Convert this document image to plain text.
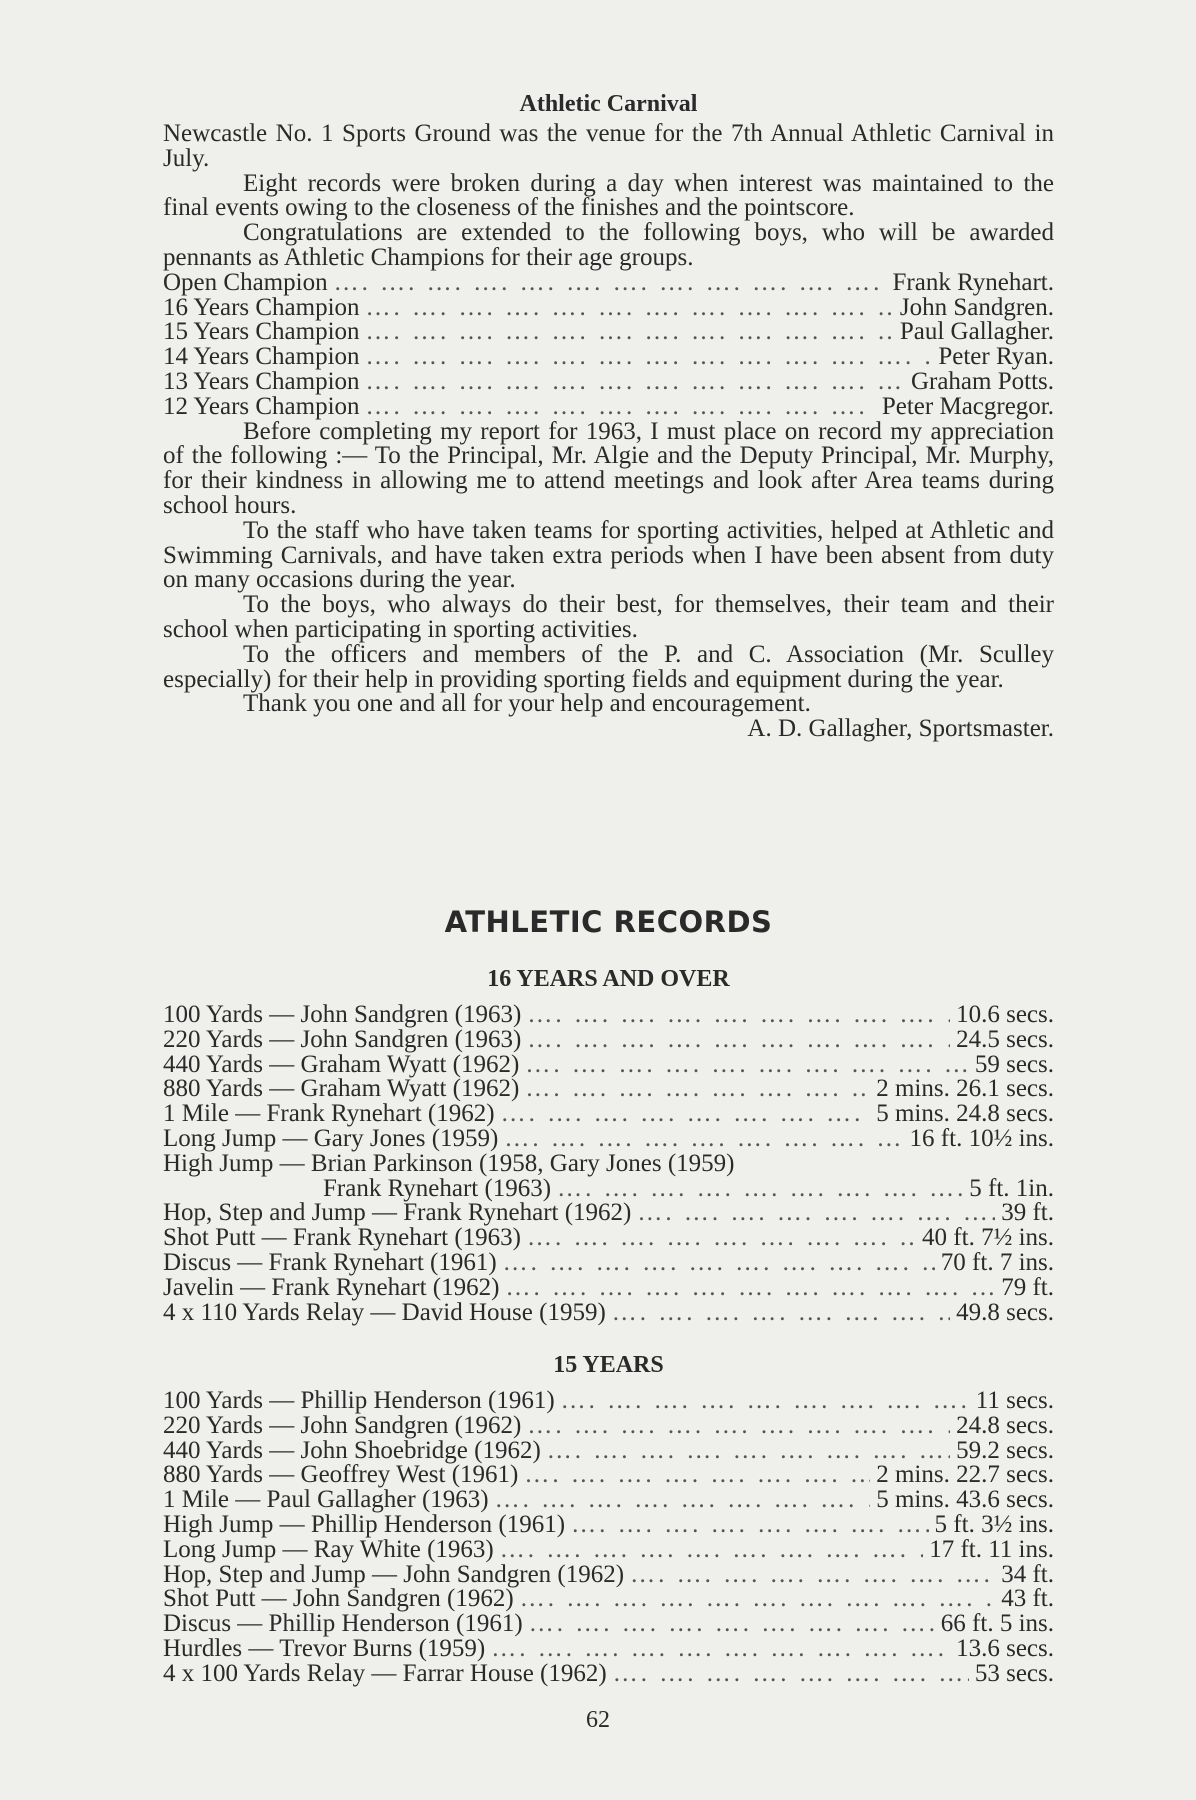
Athletic Carnival

Newcastle No. 1 Sports Ground was the venue for the 7th Annual Athletic Carnival in July.

Eight records were broken during a day when interest was maintained to the final events owing to the closeness of the finishes and the pointscore.

Congratulations are extended to the following boys, who will be awarded pennants as Athletic Champions for their age groups.

Open Champion …. …. …. …. …. …. …. …. …. …. …. …. …. …. …. …. …. …. …. …. …. …. …. ….	Frank Rynehart.
16 Years Champion …. …. …. …. …. …. …. …. …. …. …. …. …. …. …. …. …. …. …. …. …. …. …. ….	John Sandgren.
15 Years Champion …. …. …. …. …. …. …. …. …. …. …. …. …. …. …. …. …. …. …. …. …. …. …. ….	Paul Gallagher.
14 Years Champion …. …. …. …. …. …. …. …. …. …. …. …. …. …. …. …. …. …. …. …. …. …. …. ….	Peter Ryan.
13 Years Champion …. …. …. …. …. …. …. …. …. …. …. …. …. …. …. …. …. …. …. …. …. …. …. ….	Graham Potts.
12 Years Champion …. …. …. …. …. …. …. …. …. …. …. …. …. …. …. …. …. …. …. …. …. …. …. ….	Peter Macgregor.

Before completing my report for 1963, I must place on record my appreciation of the following :— To the Principal, Mr. Algie and the Deputy Principal, Mr. Murphy, for their kindness in allowing me to attend meetings and look after Area teams during school hours.

To the staff who have taken teams for sporting activities, helped at Athletic and Swimming Carnivals, and have taken extra periods when I have been absent from duty on many occasions during the year.

To the boys, who always do their best, for themselves, their team and their school when participating in sporting activities.

To the officers and members of the P. and C. Association (Mr. Sculley especially) for their help in providing sporting fields and equipment during the year.

Thank you one and all for your help and encouragement.

A. D. Gallagher, Sportsmaster.
ATHLETIC RECORDS
16 YEARS AND OVER
100 Yards — John Sandgren (1963) …. …. …. …. …. …. …. …. …. …. …. …. …. …. …. …. …. …. …. …. …. …. …. ….	10.6 secs.
220 Yards — John Sandgren (1963) …. …. …. …. …. …. …. …. …. …. …. …. …. …. …. …. …. …. …. …. …. …. …. ….	24.5 secs.
440 Yards — Graham Wyatt (1962) …. …. …. …. …. …. …. …. …. …. …. …. …. …. …. …. …. …. …. …. …. …. …. ….	59 secs.
880 Yards — Graham Wyatt (1962) …. …. …. …. …. …. …. …. …. …. …. …. …. …. …. …. …. …. …. …. …. …. …. ….	2 mins. 26.1 secs.
1 Mile — Frank Rynehart (1962) …. …. …. …. …. …. …. …. …. …. …. …. …. …. …. …. …. …. …. …. …. …. …. ….	5 mins. 24.8 secs.
Long Jump — Gary Jones (1959) …. …. …. …. …. …. …. …. …. …. …. …. …. …. …. …. …. …. …. …. …. …. …. ….	16 ft. 10½ ins.
High Jump — Brian Parkinson (1958, Gary Jones (1959)
Frank Rynehart (1963) …. …. …. …. …. …. …. …. …. …. …. …. …. …. …. …. …. …. …. …. …. …. …. ….	5 ft. 1in.
Hop, Step and Jump — Frank Rynehart (1962) …. …. …. …. …. …. …. …. …. …. …. …. …. …. …. …. …. …. …. …. …. …. …. ….	39 ft.
Shot Putt — Frank Rynehart (1963) …. …. …. …. …. …. …. …. …. …. …. …. …. …. …. …. …. …. …. …. …. …. …. ….	40 ft. 7½ ins.
Discus — Frank Rynehart (1961) …. …. …. …. …. …. …. …. …. …. …. …. …. …. …. …. …. …. …. …. …. …. …. ….	70 ft. 7 ins.
Javelin — Frank Rynehart (1962) …. …. …. …. …. …. …. …. …. …. …. …. …. …. …. …. …. …. …. …. …. …. …. ….	79 ft.
4 x 110 Yards Relay — David House (1959) …. …. …. …. …. …. …. …. …. …. …. …. …. …. …. …. …. …. …. …. …. …. …. ….	49.8 secs.
15 YEARS
100 Yards — Phillip Henderson (1961) …. …. …. …. …. …. …. …. …. …. …. …. …. …. …. …. …. …. …. …. …. …. …. ….	11 secs.
220 Yards — John Sandgren (1962) …. …. …. …. …. …. …. …. …. …. …. …. …. …. …. …. …. …. …. …. …. …. …. ….	24.8 secs.
440 Yards — John Shoebridge (1962) …. …. …. …. …. …. …. …. …. …. …. …. …. …. …. …. …. …. …. …. …. …. …. ….	59.2 secs.
880 Yards — Geoffrey West (1961) …. …. …. …. …. …. …. …. …. …. …. …. …. …. …. …. …. …. …. …. …. …. …. ….	2 mins. 22.7 secs.
1 Mile — Paul Gallagher (1963) …. …. …. …. …. …. …. …. …. …. …. …. …. …. …. …. …. …. …. …. …. …. …. ….	5 mins. 43.6 secs.
High Jump — Phillip Henderson (1961) …. …. …. …. …. …. …. …. …. …. …. …. …. …. …. …. …. …. …. …. …. …. …. ….	5 ft. 3½ ins.
Long Jump — Ray White (1963) …. …. …. …. …. …. …. …. …. …. …. …. …. …. …. …. …. …. …. …. …. …. …. ….	17 ft. 11 ins.
Hop, Step and Jump — John Sandgren (1962) …. …. …. …. …. …. …. …. …. …. …. …. …. …. …. …. …. …. …. …. …. …. …. ….	34 ft.
Shot Putt — John Sandgren (1962) …. …. …. …. …. …. …. …. …. …. …. …. …. …. …. …. …. …. …. …. …. …. …. ….	43 ft.
Discus — Phillip Henderson (1961) …. …. …. …. …. …. …. …. …. …. …. …. …. …. …. …. …. …. …. …. …. …. …. ….	66 ft. 5 ins.
Hurdles — Trevor Burns (1959) …. …. …. …. …. …. …. …. …. …. …. …. …. …. …. …. …. …. …. …. …. …. …. ….	13.6 secs.
4 x 100 Yards Relay — Farrar House (1962) …. …. …. …. …. …. …. …. …. …. …. …. …. …. …. …. …. …. …. …. …. …. …. ….	53 secs.
62
